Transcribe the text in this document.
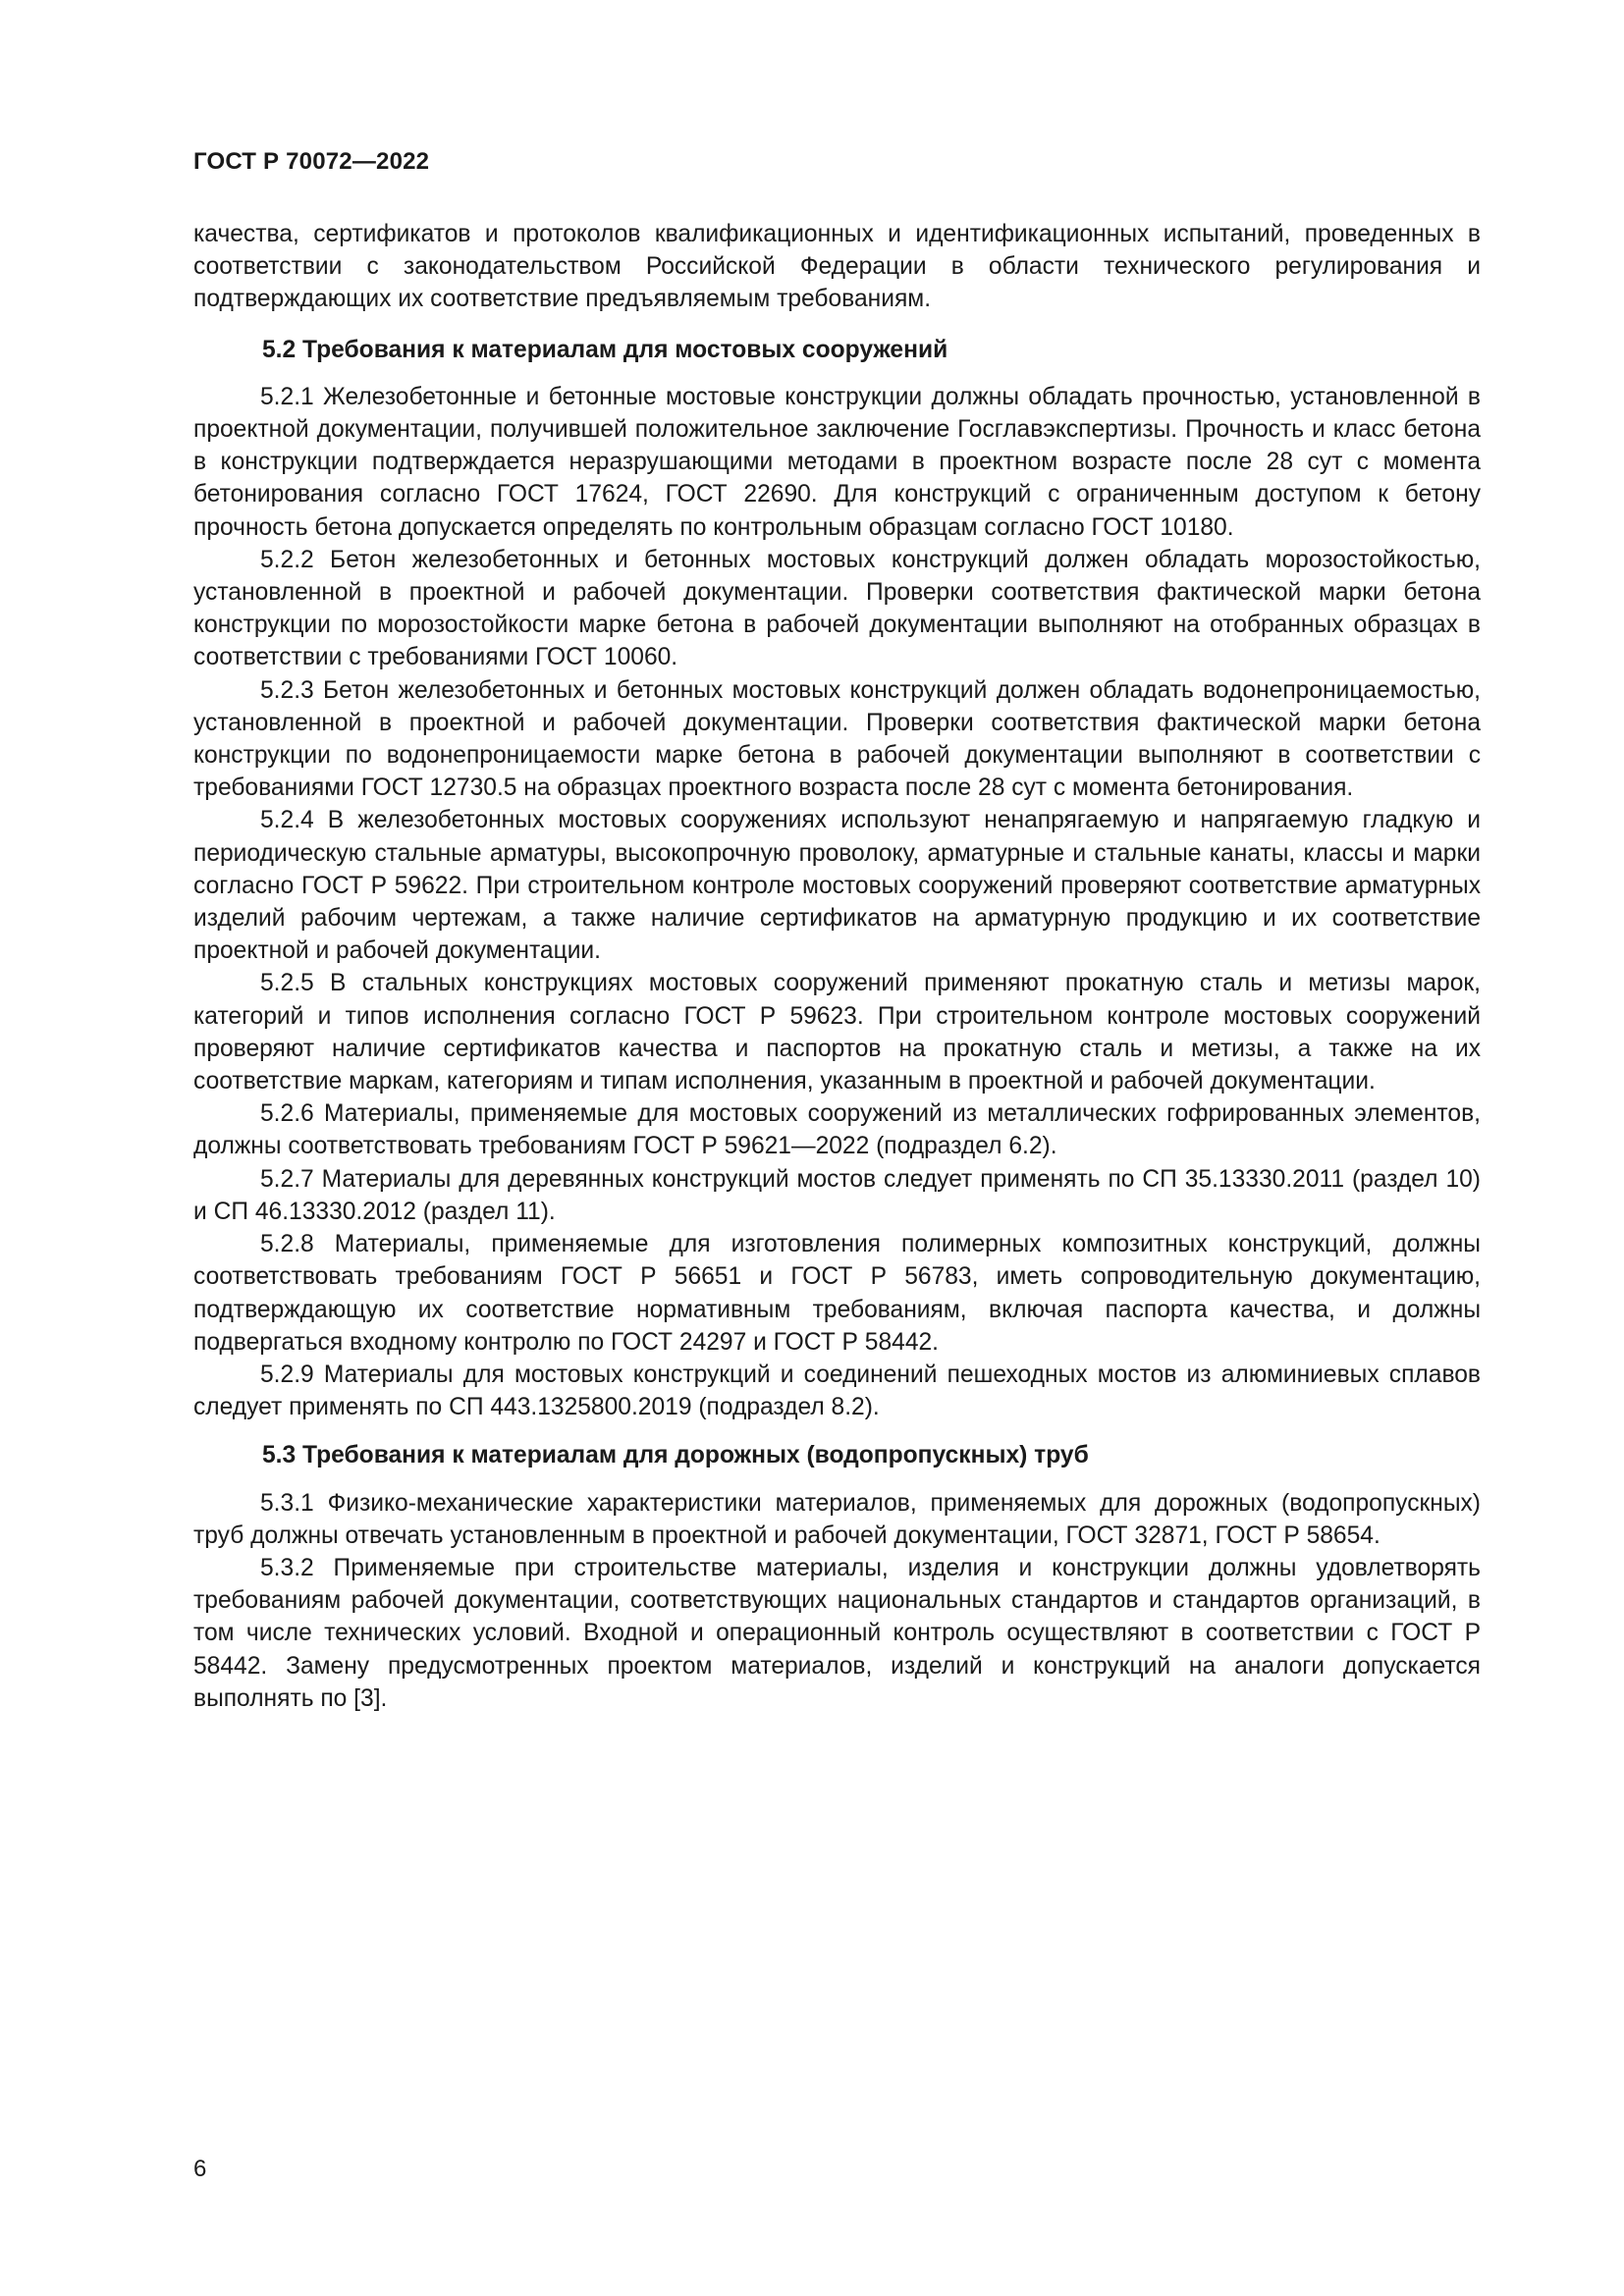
ГОСТ Р 70072—2022

качества, сертификатов и протоколов квалификационных и идентификационных испытаний, проведенных в соответствии с законодательством Российской Федерации в области технического регулирования и подтверждающих их соответствие предъявляемым требованиям.

5.2 Требования к материалам для мостовых сооружений

5.2.1 Железобетонные и бетонные мостовые конструкции должны обладать прочностью, установленной в проектной документации, получившей положительное заключение Госглавэкспертизы. Прочность и класс бетона в конструкции подтверждается неразрушающими методами в проектном возрасте после 28 сут с момента бетонирования согласно ГОСТ 17624, ГОСТ 22690. Для конструкций с ограниченным доступом к бетону прочность бетона допускается определять по контрольным образцам согласно ГОСТ 10180.

5.2.2 Бетон железобетонных и бетонных мостовых конструкций должен обладать морозостойкостью, установленной в проектной и рабочей документации. Проверки соответствия фактической марки бетона конструкции по морозостойкости марке бетона в рабочей документации выполняют на отобранных образцах в соответствии с требованиями ГОСТ 10060.

5.2.3 Бетон железобетонных и бетонных мостовых конструкций должен обладать водонепроницаемостью, установленной в проектной и рабочей документации. Проверки соответствия фактической марки бетона конструкции по водонепроницаемости марке бетона в рабочей документации выполняют в соответствии с требованиями ГОСТ 12730.5 на образцах проектного возраста после 28 сут с момента бетонирования.

5.2.4 В железобетонных мостовых сооружениях используют ненапрягаемую и напрягаемую гладкую и периодическую стальные арматуры, высокопрочную проволоку, арматурные и стальные канаты, классы и марки согласно ГОСТ Р 59622. При строительном контроле мостовых сооружений проверяют соответствие арматурных изделий рабочим чертежам, а также наличие сертификатов на арматурную продукцию и их соответствие проектной и рабочей документации.

5.2.5 В стальных конструкциях мостовых сооружений применяют прокатную сталь и метизы марок, категорий и типов исполнения согласно ГОСТ Р 59623. При строительном контроле мостовых сооружений проверяют наличие сертификатов качества и паспортов на прокатную сталь и метизы, а также на их соответствие маркам, категориям и типам исполнения, указанным в проектной и рабочей документации.

5.2.6 Материалы, применяемые для мостовых сооружений из металлических гофрированных элементов, должны соответствовать требованиям ГОСТ Р 59621—2022 (подраздел 6.2).

5.2.7 Материалы для деревянных конструкций мостов следует применять по СП 35.13330.2011 (раздел 10) и СП 46.13330.2012 (раздел 11).

5.2.8 Материалы, применяемые для изготовления полимерных композитных конструкций, должны соответствовать требованиям ГОСТ Р 56651 и ГОСТ Р 56783, иметь сопроводительную документацию, подтверждающую их соответствие нормативным требованиям, включая паспорта качества, и должны подвергаться входному контролю по ГОСТ 24297 и ГОСТ Р 58442.

5.2.9 Материалы для мостовых конструкций и соединений пешеходных мостов из алюминиевых сплавов следует применять по СП 443.1325800.2019 (подраздел 8.2).

5.3 Требования к материалам для дорожных (водопропускных) труб

5.3.1 Физико-механические характеристики материалов, применяемых для дорожных (водопропускных) труб должны отвечать установленным в проектной и рабочей документации, ГОСТ 32871, ГОСТ Р 58654.

5.3.2 Применяемые при строительстве материалы, изделия и конструкции должны удовлетворять требованиям рабочей документации, соответствующих национальных стандартов и стандартов организаций, в том числе технических условий. Входной и операционный контроль осуществляют в соответствии с ГОСТ Р 58442. Замену предусмотренных проектом материалов, изделий и конструкций на аналоги допускается выполнять по [3].

6
